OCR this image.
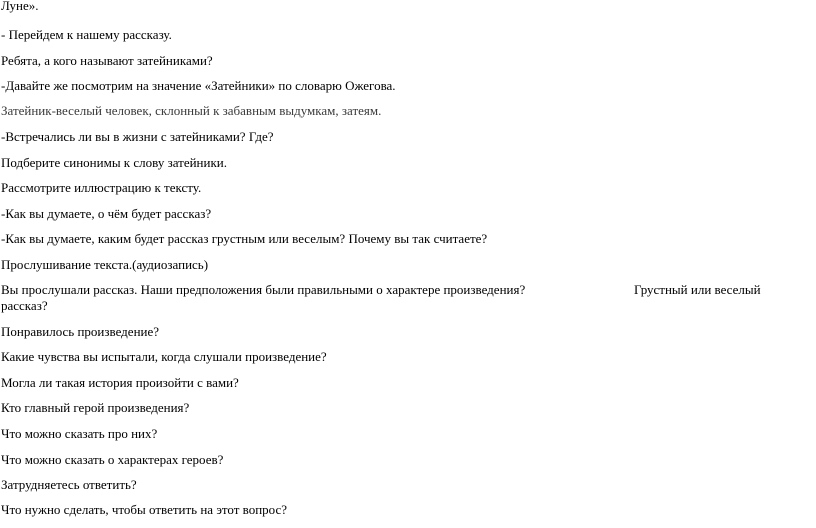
Луне».
- Перейдем к нашему рассказу.
Ребята, а кого называют затейниками?
-Давайте же посмотрим на значение «Затейники» по словарю Ожегова.
Затейник-веселый человек, склонный к забавным выдумкам, затеям.
-Встречались ли вы в жизни с затейниками? Где?
Подберите синонимы к слову затейники.
Рассмотрите иллюстрацию к тексту.
-Как вы думаете, о чём будет рассказ?
-Как вы думаете, каким будет рассказ грустным или веселым? Почему вы так считаете?
Прослушивание текста.(аудиозапись)
Вы прослушали рассказ. Наши предположения были правильными о характере произведения?	Грустный или веселый
рассказ?
Понравилось произведение?
Какие чувства вы испытали, когда слушали произведение?
Могла ли такая история произойти с вами?
Кто главный герой произведения?
Что можно сказать про них?
Что можно сказать о характерах героев?
Затрудняетесь ответить?
Что нужно сделать, чтобы ответить на этот вопрос?
